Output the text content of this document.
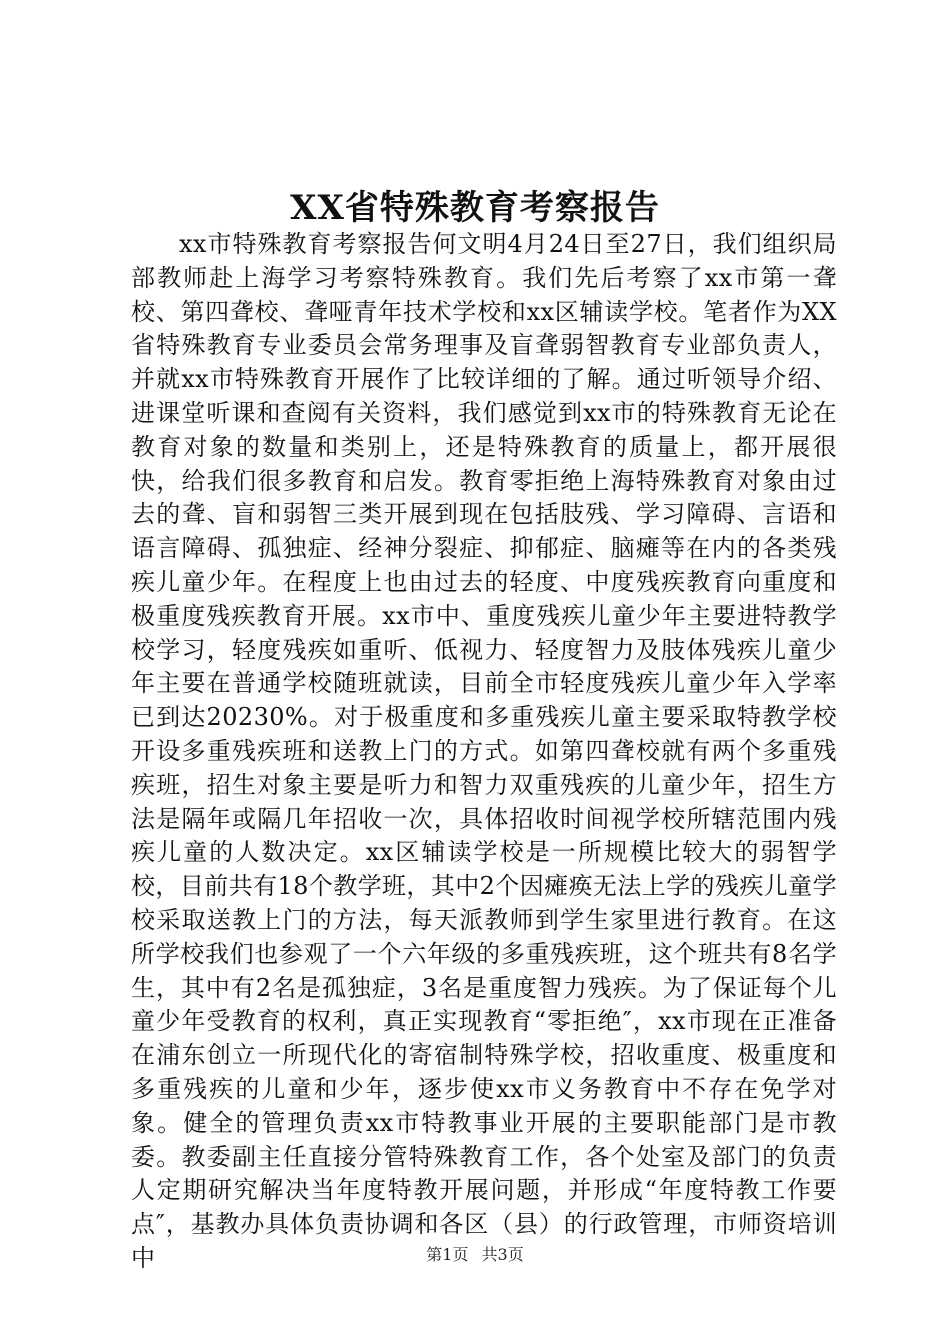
XX省特殊教育考察报告

xx市特殊教育考察报告何文明4月24日至27日，我们组织局部教师赴上海学习考察特殊教育。我们先后考察了xx市第一聋校、第四聋校、聋哑青年技术学校和xx区辅读学校。笔者作为XX省特殊教育专业委员会常务理事及盲聋弱智教育专业部负责人，并就xx市特殊教育开展作了比较详细的了解。通过听领导介绍、进课堂听课和查阅有关资料，我们感觉到xx市的特殊教育无论在教育对象的数量和类别上，还是特殊教育的质量上，都开展很快，给我们很多教育和启发。教育零拒绝上海特殊教育对象由过去的聋、盲和弱智三类开展到现在包括肢残、学习障碍、言语和语言障碍、孤独症、经神分裂症、抑郁症、脑瘫等在内的各类残疾儿童少年。在程度上也由过去的轻度、中度残疾教育向重度和极重度残疾教育开展。xx市中、重度残疾儿童少年主要进特教学校学习，轻度残疾如重听、低视力、轻度智力及肢体残疾儿童少年主要在普通学校随班就读，目前全市轻度残疾儿童少年入学率已到达20230%。对于极重度和多重残疾儿童主要采取特教学校开设多重残疾班和送教上门的方式。如第四聋校就有两个多重残疾班，招生对象主要是听力和智力双重残疾的儿童少年，招生方法是隔年或隔几年招收一次，具体招收时间视学校所辖范围内残疾儿童的人数决定。xx区辅读学校是一所规模比较大的弱智学校，目前共有18个教学班，其中2个因瘫痪无法上学的残疾儿童学校采取送教上门的方法，每天派教师到学生家里进行教育。在这所学校我们也参观了一个六年级的多重残疾班，这个班共有8名学生，其中有2名是孤独症，3名是重度智力残疾。为了保证每个儿童少年受教育的权利，真正实现教育“零拒绝″，xx市现在正准备在浦东创立一所现代化的寄宿制特殊学校，招收重度、极重度和多重残疾的儿童和少年，逐步使xx市义务教育中不存在免学对象。健全的管理负责xx市特教事业开展的主要职能部门是市教委。教委副主任直接分管特殊教育工作，各个处室及部门的负责人定期研究解决当年度特教开展问题，并形成“年度特教工作要点″，基教办具体负责协调和各区（县）的行政管理，市师资培训中	第1页 共3页
